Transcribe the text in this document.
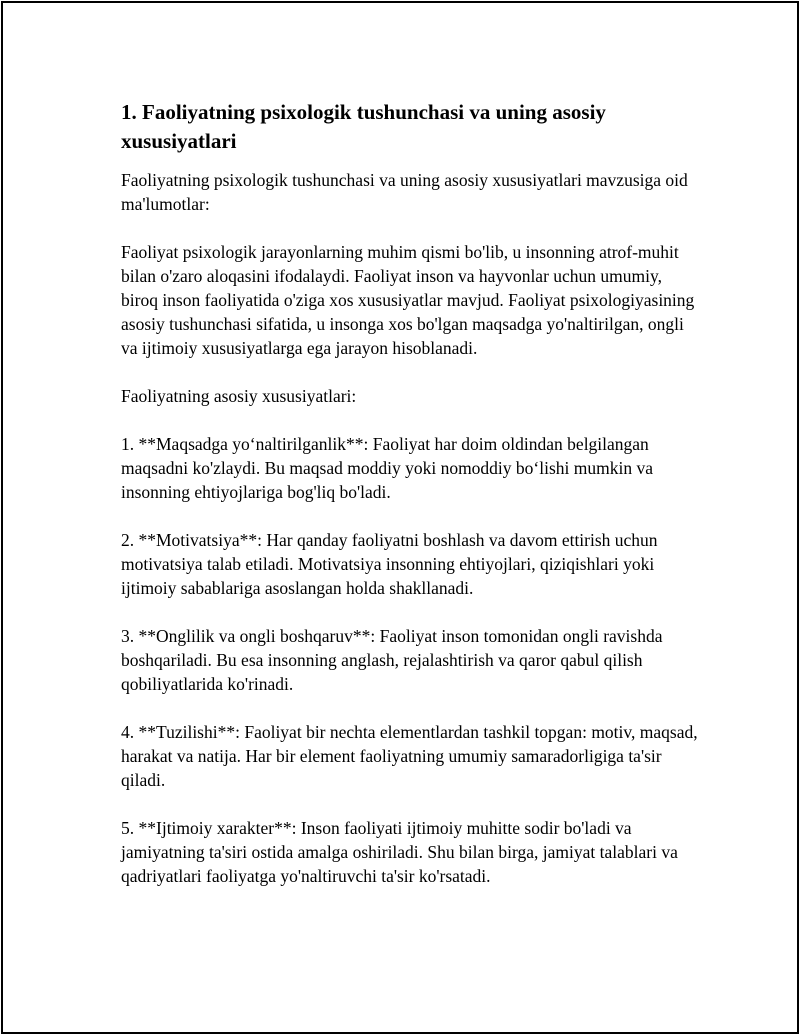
1. Faoliyatning psixologik tushunchasi va uning asosiy xususiyatlari

Faoliyatning psixologik tushunchasi va uning asosiy xususiyatlari mavzusiga oid ma'lumotlar:

Faoliyat psixologik jarayonlarning muhim qismi bo'lib, u insonning atrof-muhit bilan o'zaro aloqasini ifodalaydi. Faoliyat inson va hayvonlar uchun umumiy, biroq inson faoliyatida o'ziga xos xususiyatlar mavjud. Faoliyat psixologiyasining asosiy tushunchasi sifatida, u insonga xos bo'lgan maqsadga yo'naltirilgan, ongli va ijtimoiy xususiyatlarga ega jarayon hisoblanadi.

Faoliyatning asosiy xususiyatlari:

1. **Maqsadga yo‘naltirilganlik**: Faoliyat har doim oldindan belgilangan maqsadni ko'zlaydi. Bu maqsad moddiy yoki nomoddiy bo‘lishi mumkin va insonning ehtiyojlariga bog'liq bo'ladi.

2. **Motivatsiya**: Har qanday faoliyatni boshlash va davom ettirish uchun motivatsiya talab etiladi. Motivatsiya insonning ehtiyojlari, qiziqishlari yoki ijtimoiy sabablariga asoslangan holda shakllanadi.

3. **Onglilik va ongli boshqaruv**: Faoliyat inson tomonidan ongli ravishda boshqariladi. Bu esa insonning anglash, rejalashtirish va qaror qabul qilish qobiliyatlarida ko'rinadi.

4. **Tuzilishi**: Faoliyat bir nechta elementlardan tashkil topgan: motiv, maqsad, harakat va natija. Har bir element faoliyatning umumiy samaradorligiga ta'sir qiladi.

5. **Ijtimoiy xarakter**: Inson faoliyati ijtimoiy muhitte sodir bo'ladi va jamiyatning ta'siri ostida amalga oshiriladi. Shu bilan birga, jamiyat talablari va qadriyatlari faoliyatga yo'naltiruvchi ta'sir ko'rsatadi.
